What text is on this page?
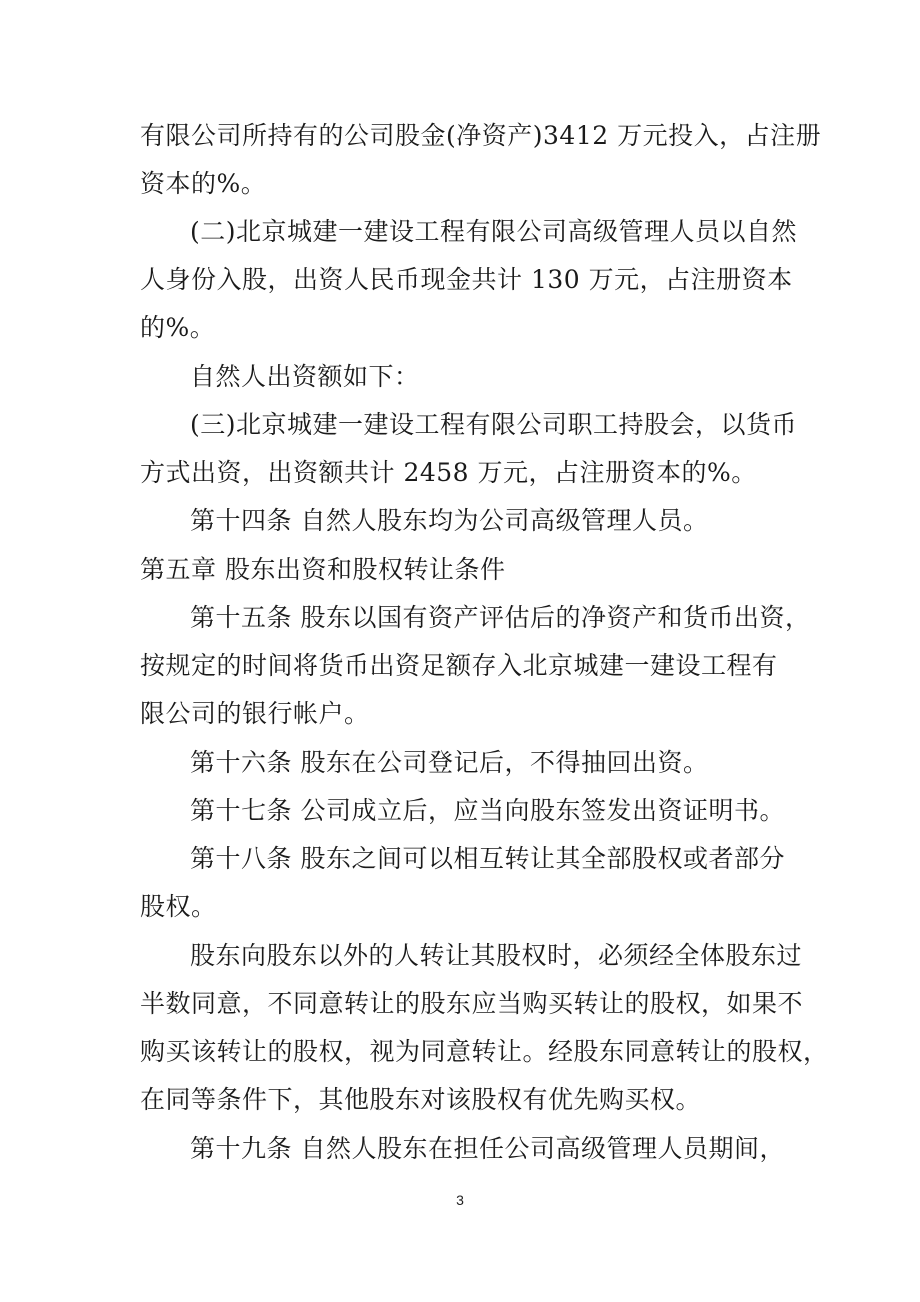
有限公司所持有的公司股金(净资产)3412 万元投入，占注册
资本的%。
(二)北京城建一建设工程有限公司高级管理人员以自然
人身份入股，出资人民币现金共计 130 万元，占注册资本
的%。
自然人出资额如下：
(三)北京城建一建设工程有限公司职工持股会，以货币
方式出资，出资额共计 2458 万元，占注册资本的%。
第十四条 自然人股东均为公司高级管理人员。
第五章 股东出资和股权转让条件
第十五条 股东以国有资产评估后的净资产和货币出资，
按规定的时间将货币出资足额存入北京城建一建设工程有
限公司的银行帐户。
第十六条 股东在公司登记后，不得抽回出资。
第十七条 公司成立后，应当向股东签发出资证明书。
第十八条 股东之间可以相互转让其全部股权或者部分
股权。
股东向股东以外的人转让其股权时，必须经全体股东过
半数同意，不同意转让的股东应当购买转让的股权，如果不
购买该转让的股权，视为同意转让。经股东同意转让的股权，
在同等条件下，其他股东对该股权有优先购买权。
第十九条 自然人股东在担任公司高级管理人员期间，
3
